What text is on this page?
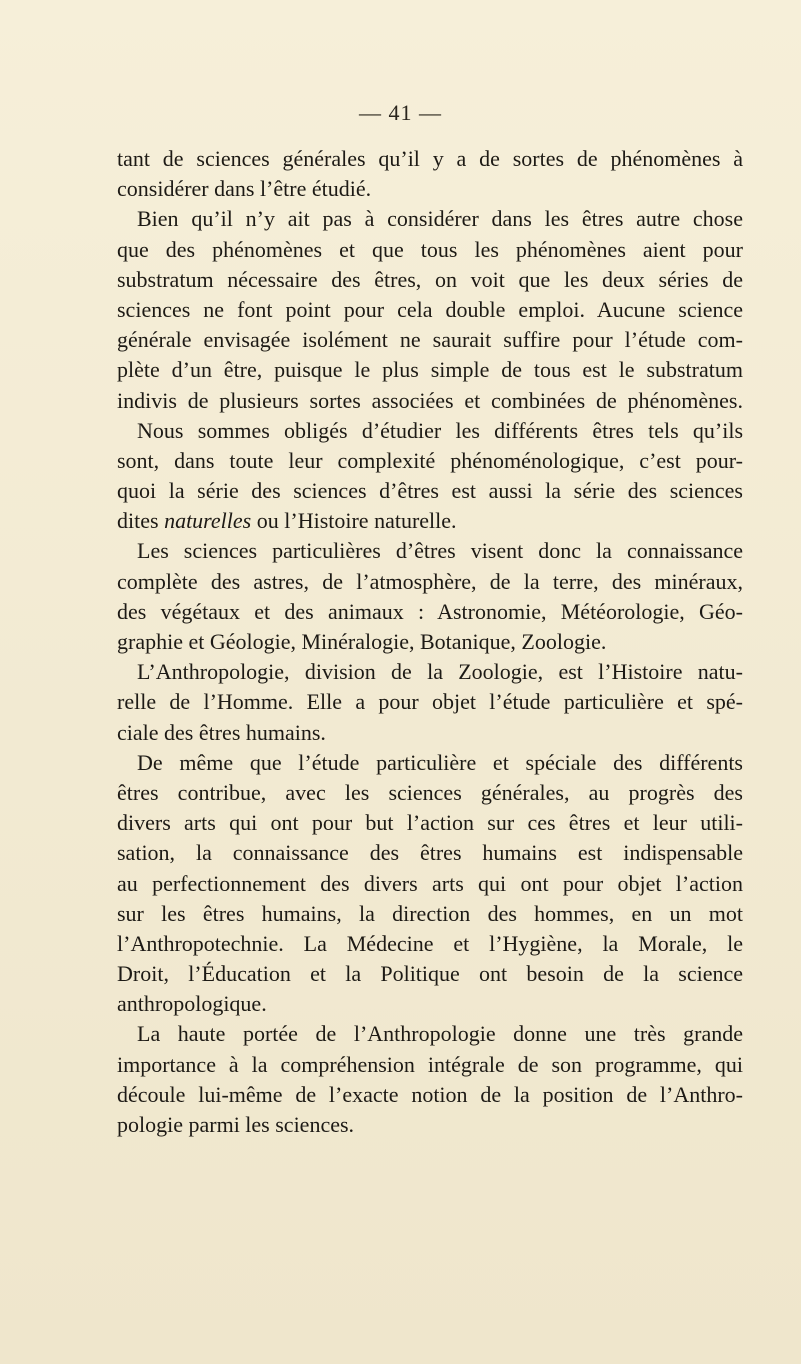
— 41 —

tant de sciences générales qu’il y a de sortes de phénomènes à
considérer dans l’être étudié.

Bien qu’il n’y ait pas à considérer dans les êtres autre chose
que des phénomènes et que tous les phénomènes aient pour
substratum nécessaire des êtres, on voit que les deux séries de
sciences ne font point pour cela double emploi. Aucune science
générale envisagée isolément ne saurait suffire pour l’étude com-
plète d’un être, puisque le plus simple de tous est le substratum
indivis de plusieurs sortes associées et combinées de phénomènes.

Nous sommes obligés d’étudier les différents êtres tels qu’ils
sont, dans toute leur complexité phénoménologique, c’est pour-
quoi la série des sciences d’êtres est aussi la série des sciences
dites naturelles ou l’Histoire naturelle.

Les sciences particulières d’êtres visent donc la connaissance
complète des astres, de l’atmosphère, de la terre, des minéraux,
des végétaux et des animaux : Astronomie, Météorologie, Géo-
graphie et Géologie, Minéralogie, Botanique, Zoologie.

L’Anthropologie, division de la Zoologie, est l’Histoire natu-
relle de l’Homme. Elle a pour objet l’étude particulière et spé-
ciale des êtres humains.

De même que l’étude particulière et spéciale des différents
êtres contribue, avec les sciences générales, au progrès des
divers arts qui ont pour but l’action sur ces êtres et leur utili-
sation, la connaissance des êtres humains est indispensable
au perfectionnement des divers arts qui ont pour objet l’action
sur les êtres humains, la direction des hommes, en un mot
l’Anthropotechnie. La Médecine et l’Hygiène, la Morale, le
Droit, l’Éducation et la Politique ont besoin de la science
anthropologique.

La haute portée de l’Anthropologie donne une très grande
importance à la compréhension intégrale de son programme, qui
découle lui-même de l’exacte notion de la position de l’Anthro-
pologie parmi les sciences.
